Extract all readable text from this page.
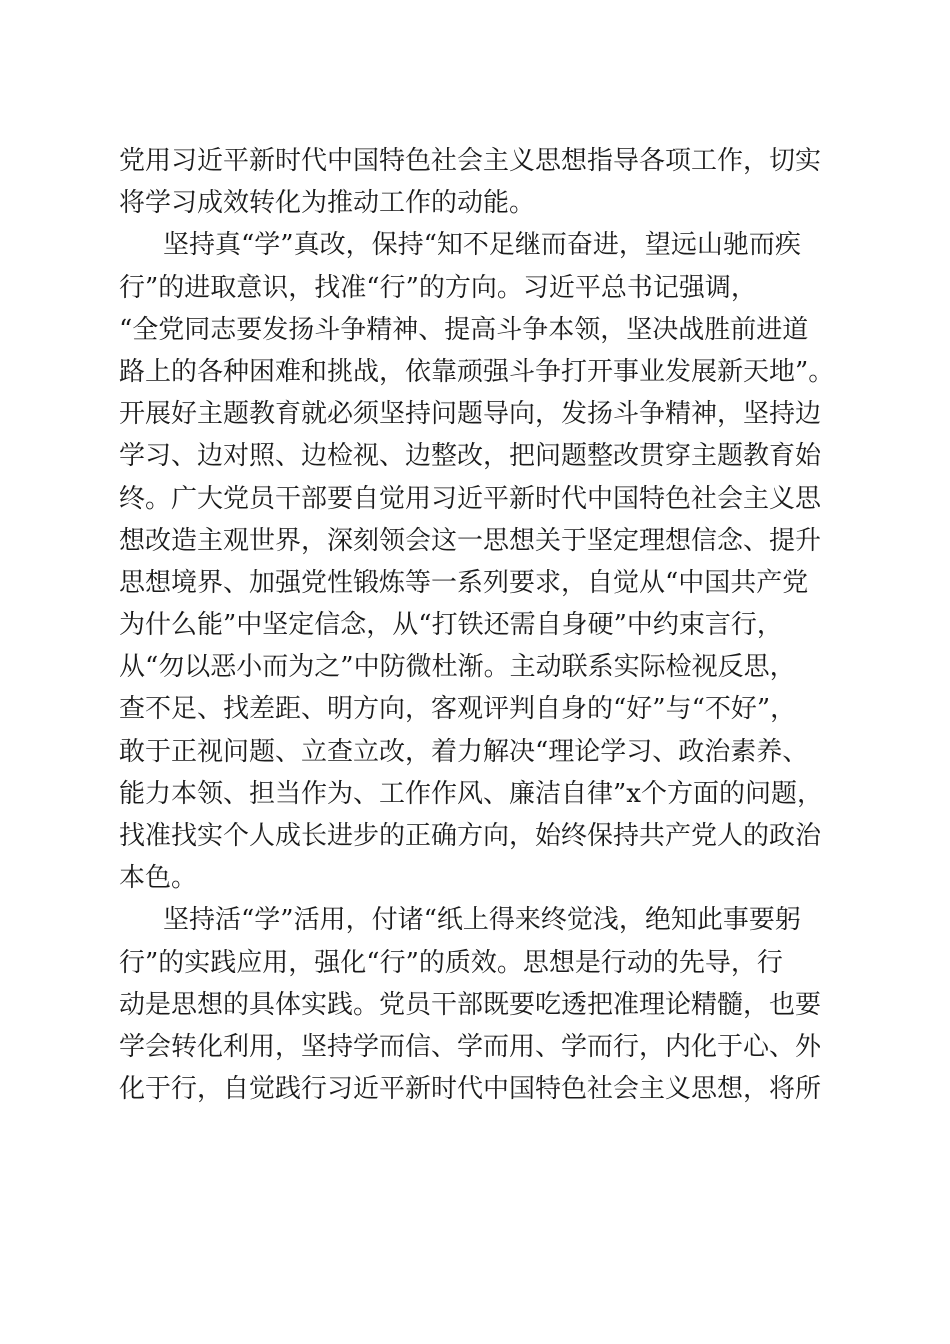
党用习近平新时代中国特色社会主义思想指导各项工作，切实
将学习成效转化为推动工作的动能。
坚持真“学”真改，保持“知不足继而奋进，望远山驰而疾
行”的进取意识，找准“行”的方向。习近平总书记强调，
“全党同志要发扬斗争精神、提高斗争本领，坚决战胜前进道
路上的各种困难和挑战，依靠顽强斗争打开事业发展新天地”。
开展好主题教育就必须坚持问题导向，发扬斗争精神，坚持边
学习、边对照、边检视、边整改，把问题整改贯穿主题教育始
终。广大党员干部要自觉用习近平新时代中国特色社会主义思
想改造主观世界，深刻领会这一思想关于坚定理想信念、提升
思想境界、加强党性锻炼等一系列要求，自觉从“中国共产党
为什么能”中坚定信念，从“打铁还需自身硬”中约束言行，
从“勿以恶小而为之”中防微杜渐。主动联系实际检视反思，
查不足、找差距、明方向，客观评判自身的“好”与“不好”，
敢于正视问题、立查立改，着力解决“理论学习、政治素养、
能力本领、担当作为、工作作风、廉洁自律”x个方面的问题，
找准找实个人成长进步的正确方向，始终保持共产党人的政治
本色。
坚持活“学”活用，付诸“纸上得来终觉浅，绝知此事要躬
行”的实践应用，强化“行”的质效。思想是行动的先导，行
动是思想的具体实践。党员干部既要吃透把准理论精髓，也要
学会转化利用，坚持学而信、学而用、学而行，内化于心、外
化于行，自觉践行习近平新时代中国特色社会主义思想，将所
